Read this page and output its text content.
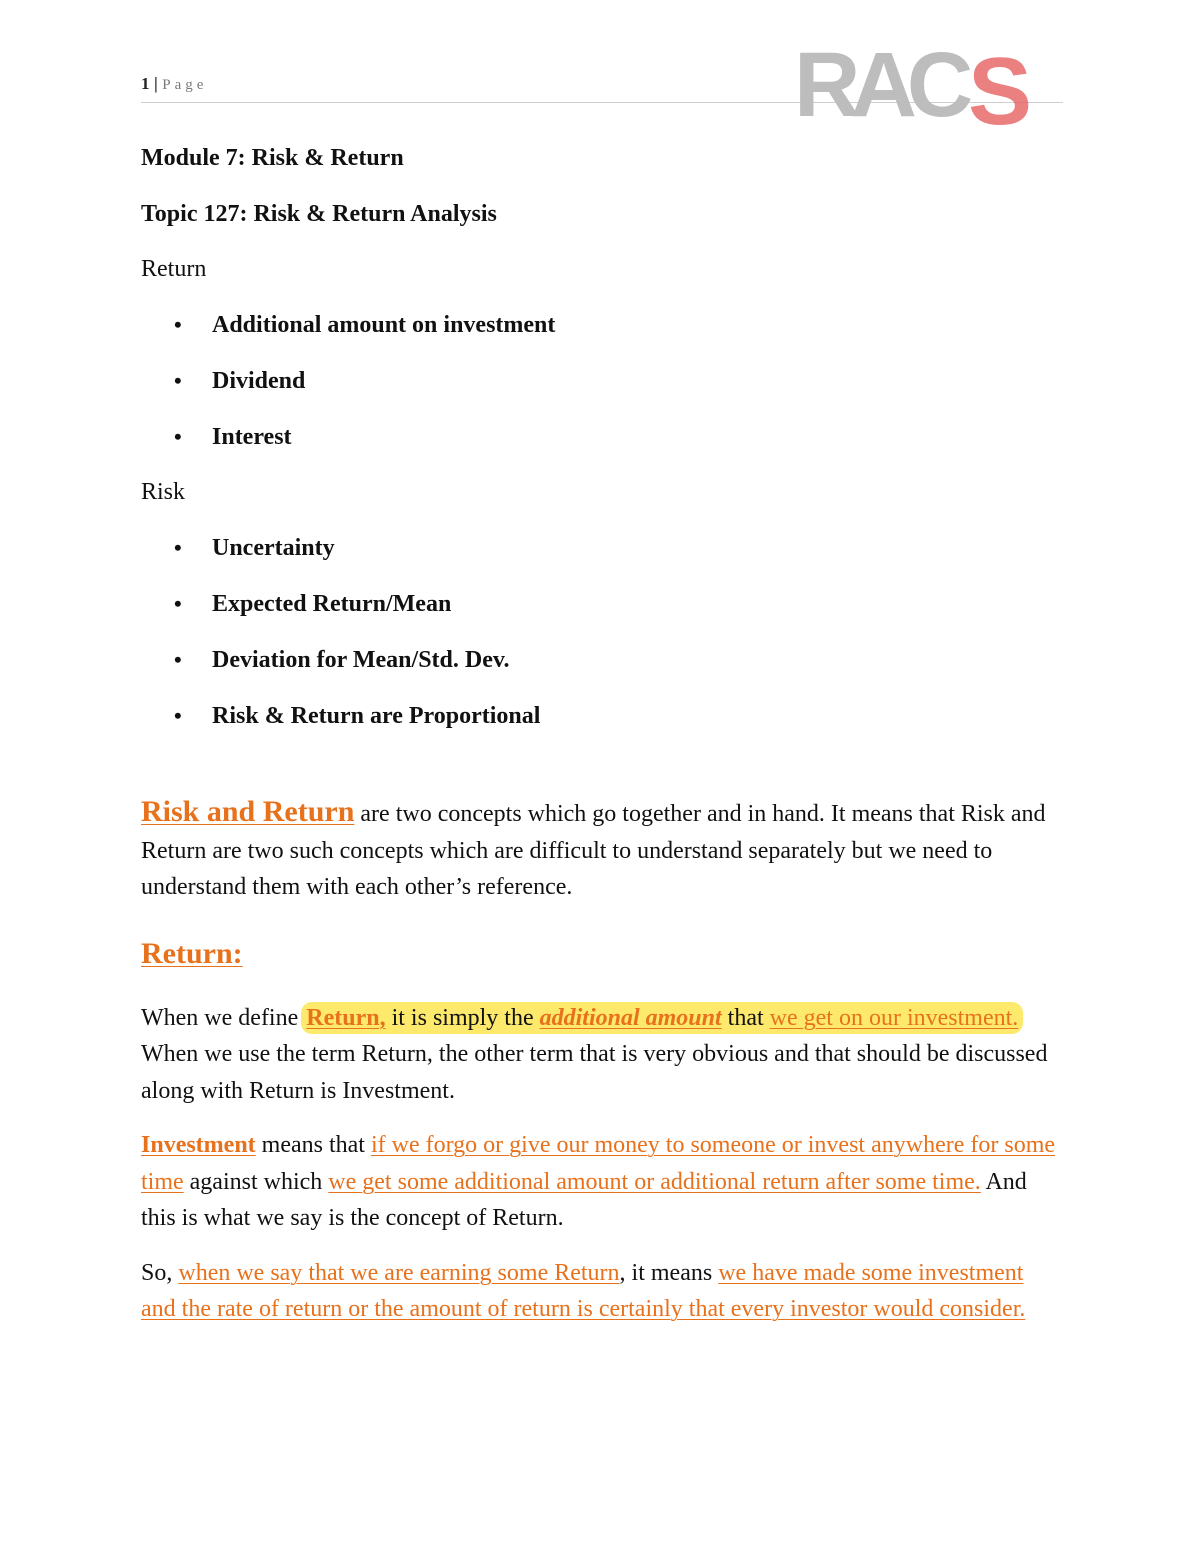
1 | Page	RAC S

Module 7: Risk & Return

Topic 127: Risk & Return Analysis

Return

• Additional amount on investment
• Dividend
• Interest

Risk

• Uncertainty
• Expected Return/Mean
• Deviation for Mean/Std. Dev.
• Risk & Return are Proportional

Risk and Return are two concepts which go together and in hand. It means that Risk and Return are two such concepts which are difficult to understand separately but we need to understand them with each other’s reference.

Return:

When we define Return, it is simply the additional amount that we get on our investment. When we use the term Return, the other term that is very obvious and that should be discussed along with Return is Investment.

Investment means that if we forgo or give our money to someone or invest anywhere for some time against which we get some additional amount or additional return after some time. And this is what we say is the concept of Return.

So, when we say that we are earning some Return, it means we have made some investment and the rate of return or the amount of return is certainly that every investor would consider.
